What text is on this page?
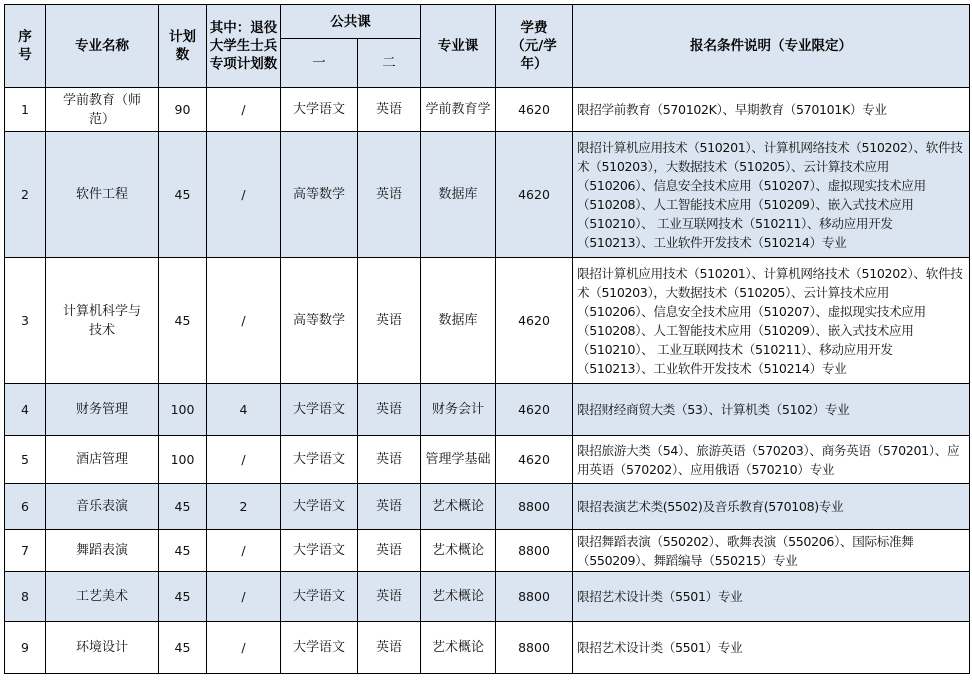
序号	专业名称	计划数	其中：退役大学生士兵专项计划数	公共课		专业课	学费（元/学年）	报名条件说明（专业限定）
				一	二			
1	学前教育（师范）	90	/	大学语文	英语	学前教育学	4620	限招学前教育（570102K）、早期教育（570101K）专业
2	软件工程	45	/	高等数学	英语	数据库	4620	限招计算机应用技术（510201）、计算机网络技术（510202）、软件技术（510203），大数据技术（510205）、云计算技术应用（510206）、信息安全技术应用（510207）、虚拟现实技术应用（510208）、人工智能技术应用（510209）、嵌入式技术应用（510210）、 工业互联网技术（510211）、移动应用开发（510213）、工业软件开发技术（510214）专业
3	计算机科学与技术	45	/	高等数学	英语	数据库	4620	限招计算机应用技术（510201）、计算机网络技术（510202）、软件技术（510203），大数据技术（510205）、云计算技术应用（510206）、信息安全技术应用（510207）、虚拟现实技术应用（510208）、人工智能技术应用（510209）、嵌入式技术应用（510210）、 工业互联网技术（510211）、移动应用开发（510213）、工业软件开发技术（510214）专业
4	财务管理	100	4	大学语文	英语	财务会计	4620	限招财经商贸大类（53）、计算机类（5102）专业
5	酒店管理	100	/	大学语文	英语	管理学基础	4620	限招旅游大类（54）、旅游英语（570203）、商务英语（570201）、应用英语（570202）、应用俄语（570210）专业
6	音乐表演	45	2	大学语文	英语	艺术概论	8800	限招表演艺术类(5502)及音乐教育(570108)专业
7	舞蹈表演	45	/	大学语文	英语	艺术概论	8800	限招舞蹈表演（550202）、歌舞表演（550206）、国际标准舞（550209）、舞蹈编导（550215）专业
8	工艺美术	45	/	大学语文	英语	艺术概论	8800	限招艺术设计类（5501）专业
9	环境设计	45	/	大学语文	英语	艺术概论	8800	限招艺术设计类（5501）专业
